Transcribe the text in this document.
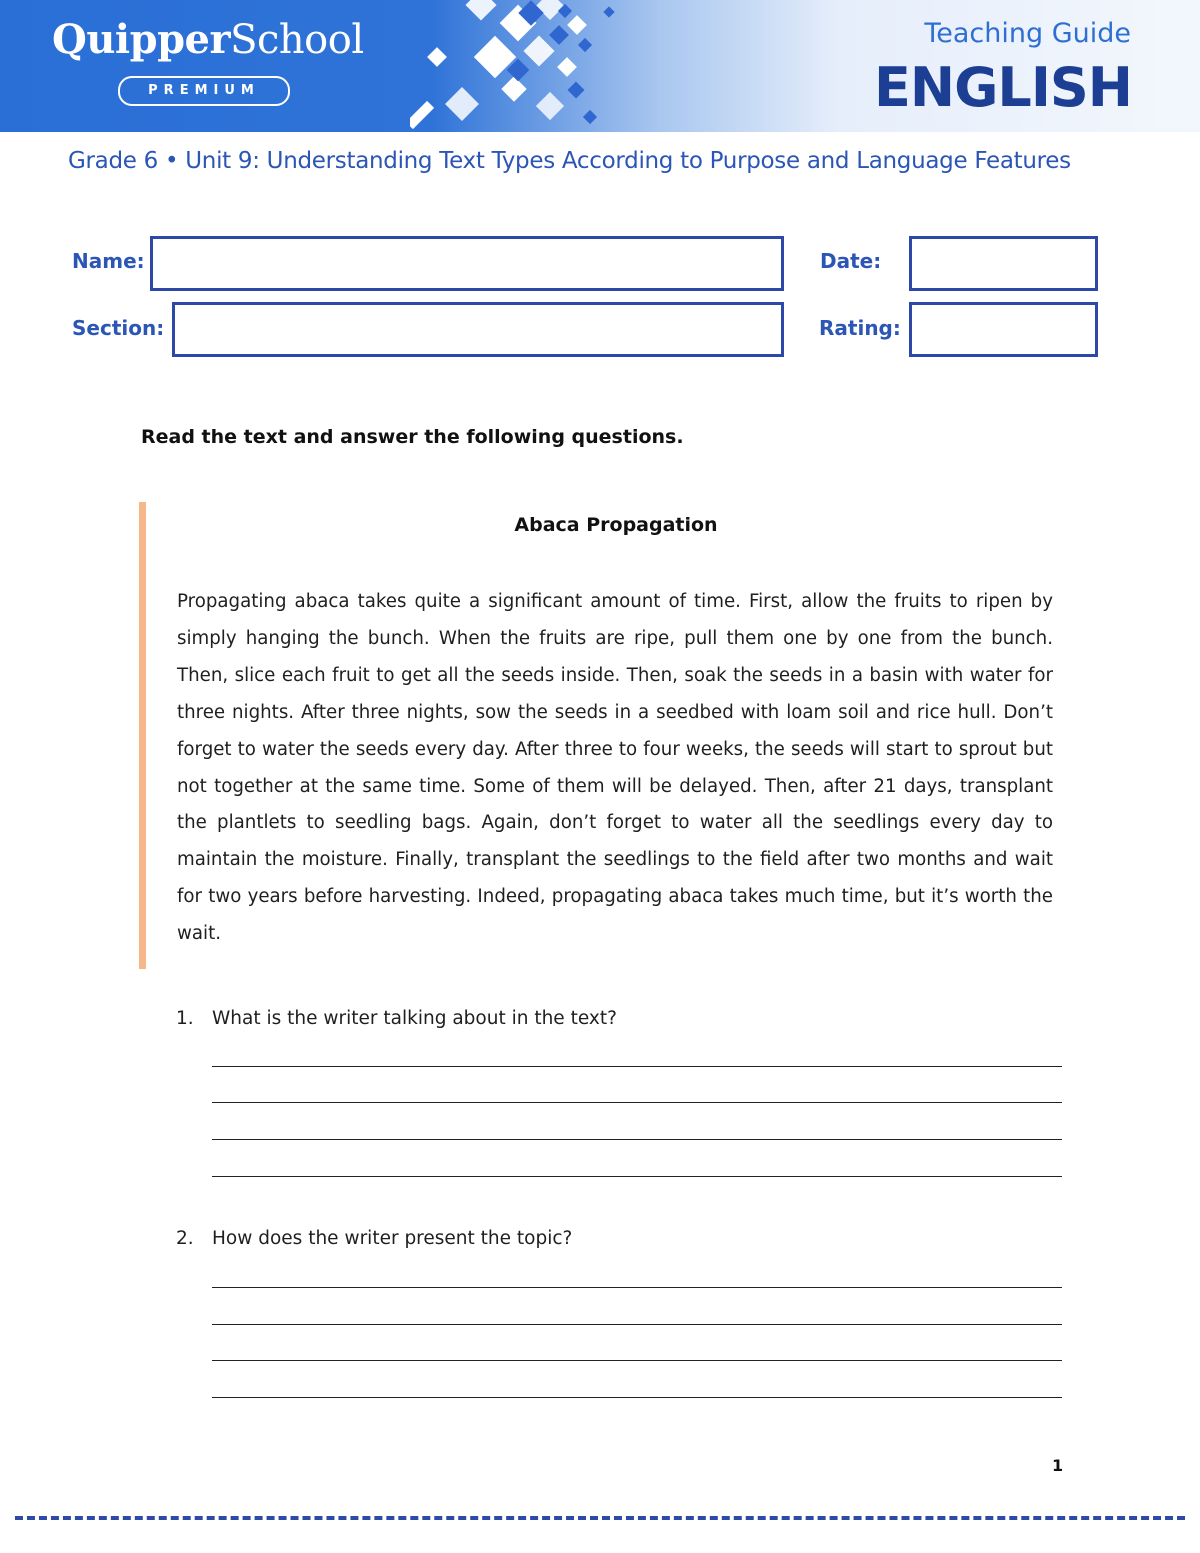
QuipperSchool
PREMIUM
Teaching Guide
ENGLISH
Grade 6 • Unit 9: Understanding Text Types According to Purpose and Language Features
Name:	Date:
Section:	Rating:
Read the text and answer the following questions.
Abaca Propagation
Propagating abaca takes quite a significant amount of time. First, allow the fruits to ripen by simply hanging the bunch. When the fruits are ripe, pull them one by one from the bunch. Then, slice each fruit to get all the seeds inside. Then, soak the seeds in a basin with water for three nights. After three nights, sow the seeds in a seedbed with loam soil and rice hull. Don’t forget to water the seeds every day. After three to four weeks, the seeds will start to sprout but not together at the same time. Some of them will be delayed. Then, after 21 days, transplant the plantlets to seedling bags. Again, don’t forget to water all the seedlings every day to maintain the moisture. Finally, transplant the seedlings to the field after two months and wait for two years before harvesting. Indeed, propagating abaca takes much time, but it’s worth the wait.
1. What is the writer talking about in the text?
2. How does the writer present the topic?
1
